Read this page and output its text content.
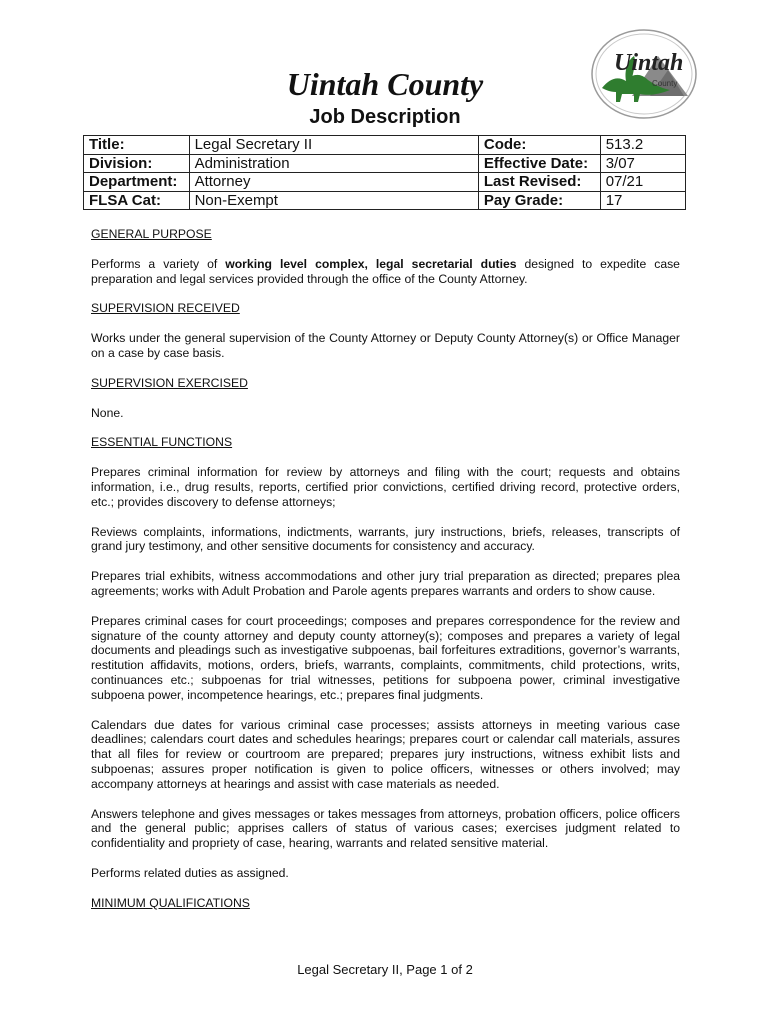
Uintah
County
Uintah County
Job Description
Title:	Legal Secretary II	Code:	513.2
Division:	Administration	Effective Date:	3/07
Department:	Attorney	Last Revised:	07/21
FLSA Cat:	Non-Exempt	Pay Grade:	17
GENERAL PURPOSE
Performs a variety of working level complex, legal secretarial duties designed to expedite case preparation and legal services provided through the office of the County Attorney.
SUPERVISION RECEIVED
Works under the general supervision of the County Attorney or Deputy County Attorney(s) or Office Manager on a case by case basis.
SUPERVISION EXERCISED
None.
ESSENTIAL FUNCTIONS
Prepares criminal information for review by attorneys and filing with the court; requests and obtains information, i.e., drug results, reports, certified prior convictions, certified driving record, protective orders, etc.; provides discovery to defense attorneys;
Reviews complaints, informations, indictments, warrants, jury instructions, briefs, releases, transcripts of grand jury testimony, and other sensitive documents for consistency and accuracy.
Prepares trial exhibits, witness accommodations and other jury trial preparation as directed; prepares plea agreements; works with Adult Probation and Parole agents prepares warrants and orders to show cause.
Prepares criminal cases for court proceedings; composes and prepares correspondence for the review and signature of the county attorney and deputy county attorney(s); composes and prepares a variety of legal documents and pleadings such as investigative subpoenas, bail forfeitures extraditions, governor’s warrants, restitution affidavits, motions, orders, briefs, warrants, complaints, commitments, child protections, writs, continuances etc.; subpoenas for trial witnesses, petitions for subpoena power, criminal investigative subpoena power, incompetence hearings, etc.; prepares final judgments.
Calendars due dates for various criminal case processes; assists attorneys in meeting various case deadlines; calendars court dates and schedules hearings; prepares court or calendar call materials, assures that all files for review or courtroom are prepared; prepares jury instructions, witness exhibit lists and subpoenas; assures proper notification is given to police officers, witnesses or others involved; may accompany attorneys at hearings and assist with case materials as needed.
Answers telephone and gives messages or takes messages from attorneys, probation officers, police officers and the general public; apprises callers of status of various cases; exercises judgment related to confidentiality and propriety of case, hearing, warrants and related sensitive material.
Performs related duties as assigned.
MINIMUM QUALIFICATIONS
Legal Secretary II, Page 1 of 2
